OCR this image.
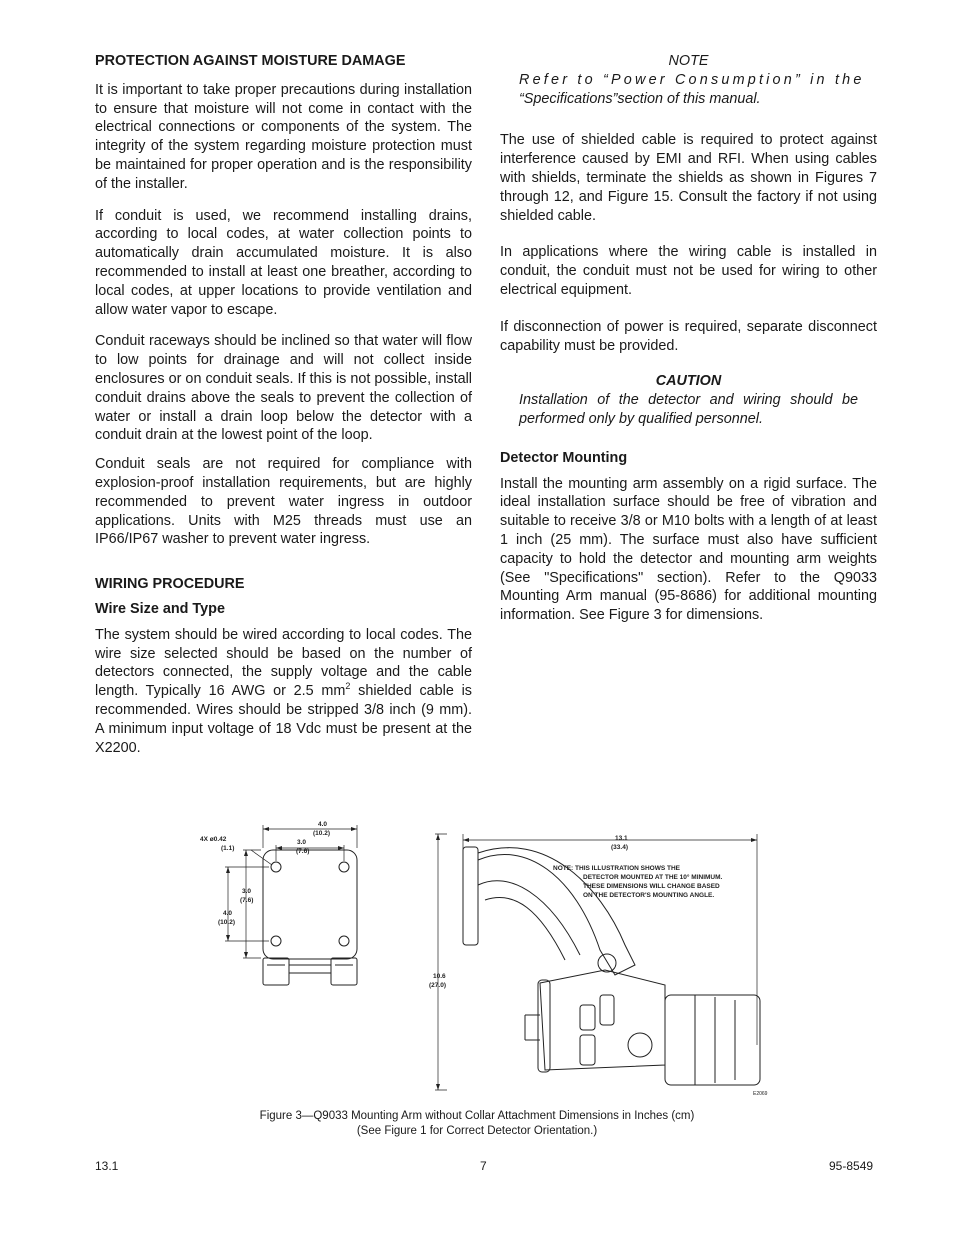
PROTECTION AGAINST MOISTURE DAMAGE

It is important to take proper precautions during installation to ensure that moisture will not come in contact with the electrical connections or components of the system. The integrity of the system regarding moisture protection must be maintained for proper operation and is the responsibility of the installer.

If conduit is used, we recommend installing drains, according to local codes, at water collection points to automatically drain accumulated moisture. It is also recommended to install at least one breather, according to local codes, at upper locations to provide ventilation and allow water vapor to escape.

Conduit raceways should be inclined so that water will flow to low points for drainage and will not collect inside enclosures or on conduit seals. If this is not possible, install conduit drains above the seals to prevent the collection of water or install a drain loop below the detector with a conduit drain at the lowest point of the loop.

Conduit seals are not required for compliance with explosion-proof installation requirements, but are highly recommended to prevent water ingress in outdoor applications. Units with M25 threads must use an IP66/IP67 washer to prevent water ingress.

WIRING PROCEDURE
Wire Size and Type

The system should be wired according to local codes. The wire size selected should be based on the number of detectors connected, the supply voltage and the cable length. Typically 16 AWG or 2.5 $mm^2$ shielded cable is recommended. Wires should be stripped 3/8 inch (9 mm). A minimum input voltage of 18 Vdc must be present at the X2200.

NOTE
Refer to “Power Consumption” in the
“Specifications”section of this manual.

The use of shielded cable is required to protect against interference caused by EMI and RFI. When using cables with shields, terminate the shields as shown in Figures 7 through 12, and Figure 15. Consult the factory if not using shielded cable.

In applications where the wiring cable is installed in conduit, the conduit must not be used for wiring to other electrical equipment.

If disconnection of power is required, separate disconnect capability must be provided.

CAUTION
Installation of the detector and wiring should be performed only by qualified personnel.
Detector Mounting

Install the mounting arm assembly on a rigid surface. The ideal installation surface should be free of vibration and suitable to receive 3/8 or M10 bolts with a length of at least 1 inch (25 mm). The surface must also have sufficient capacity to hold the detector and mounting arm weights (See "Specifications" section). Refer to the Q9033 Mounting Arm manual (95-8686) for additional mounting information. See Figure 3 for dimensions.

4X ø0.42
(1.1)
4.0
(10.2)
3.0
(7.6)
3.0
(7.6)
4.0
(10.2)
13.1
(33.4)
10.6
(27.0)
NOTE: THIS ILLUSTRATION SHOWS THE
DETECTOR MOUNTED AT THE 10° MINIMUM.
THESE DIMENSIONS WILL CHANGE BASED
ON THE DETECTOR'S MOUNTING ANGLE.
E2069
Figure 3—Q9033 Mounting Arm without Collar Attachment Dimensions in Inches (cm)
(See Figure 1 for Correct Detector Orientation.)
13.1	7	95-8549
